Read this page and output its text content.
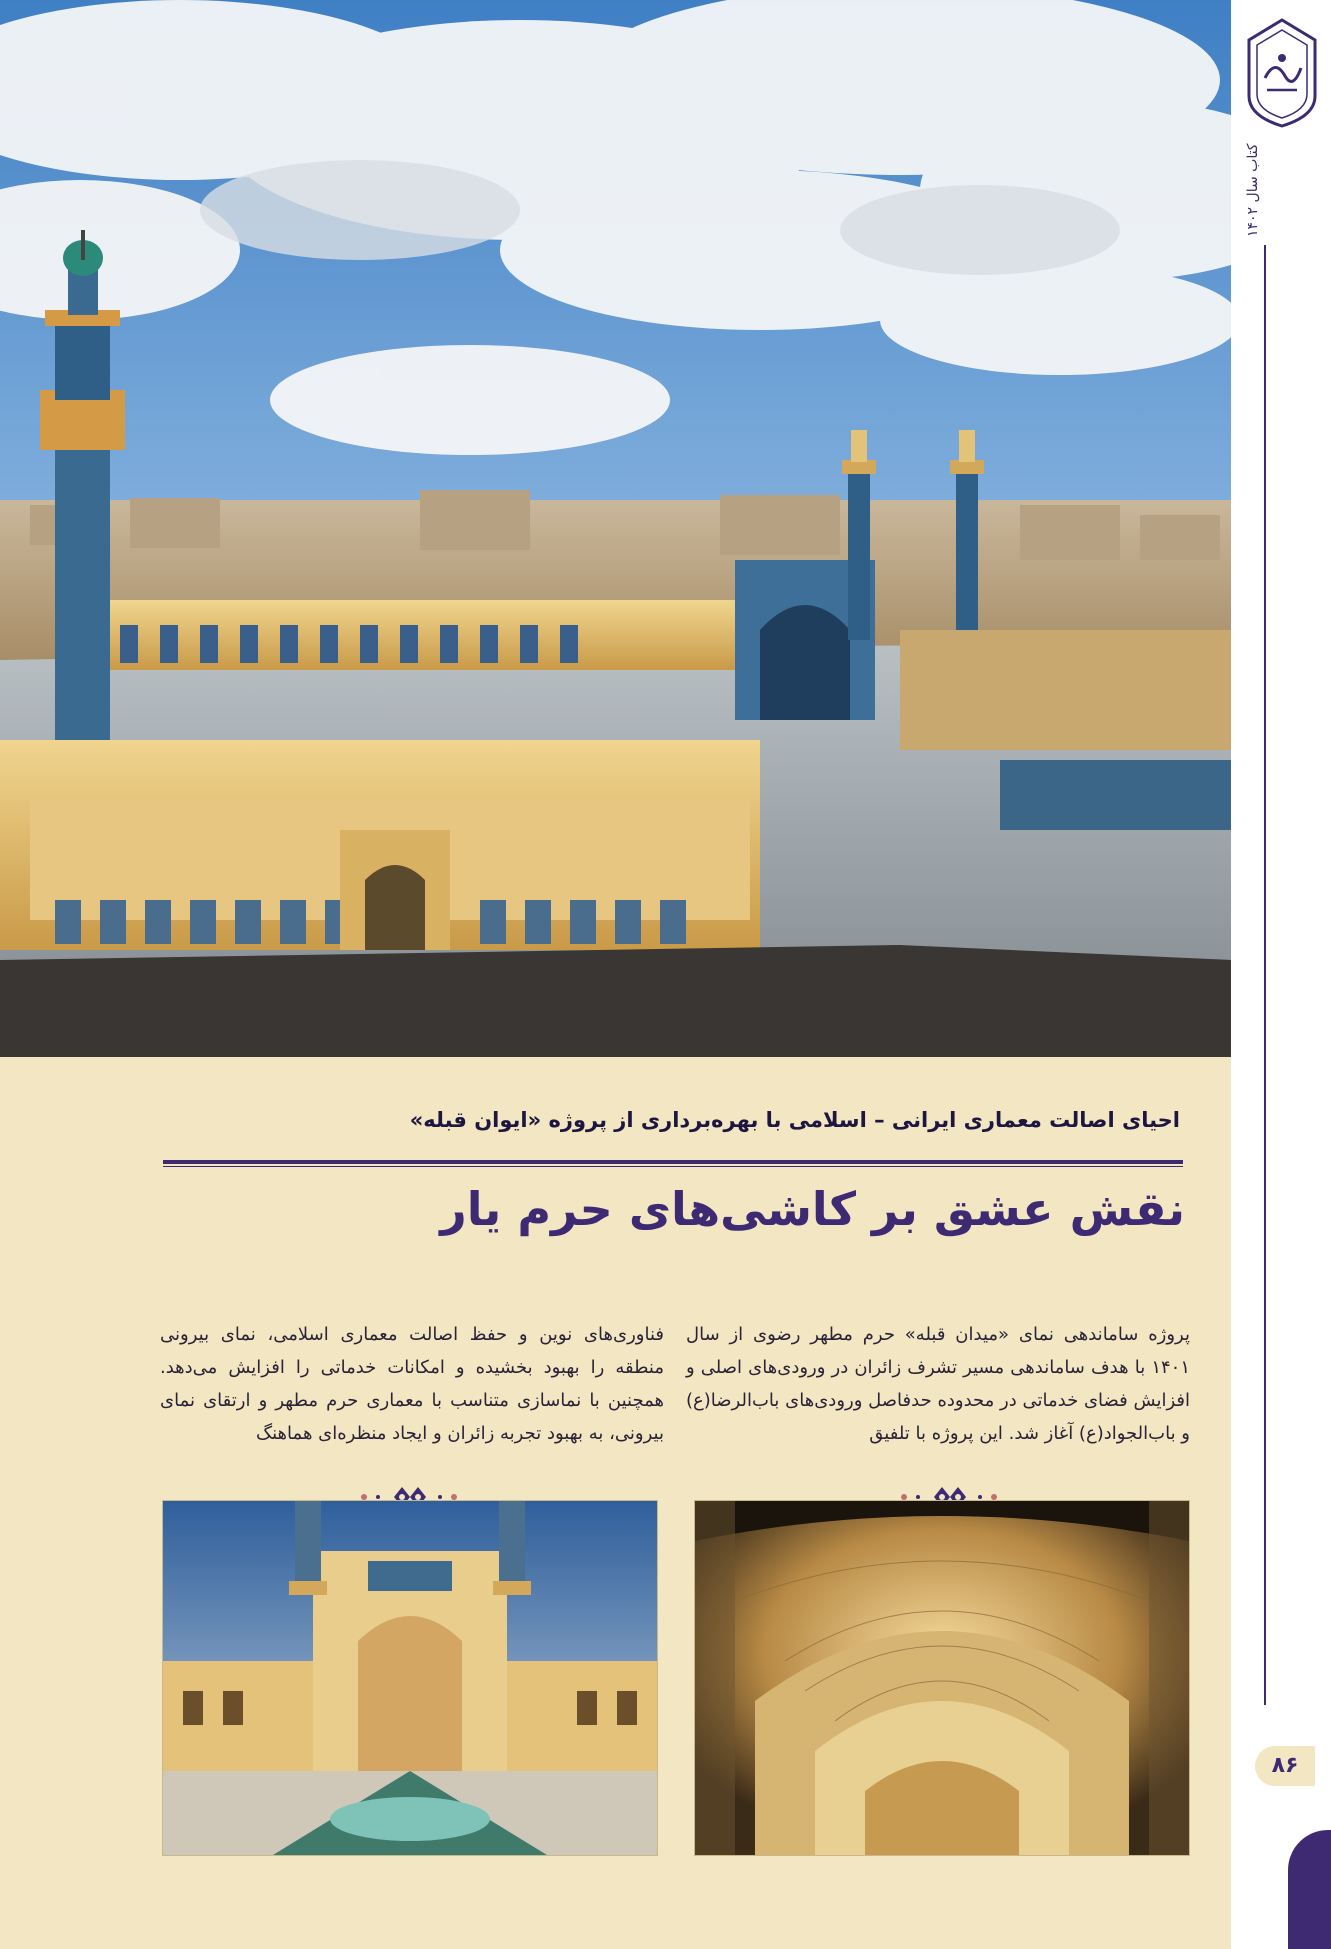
کتاب سال ۱۴۰۲
۸۶
احیای اصالت معماری ایرانی – اسلامی با بهره‌برداری از پروژه «ایوان قبله»
نقش عشق بر کاشی‌های حرم یار
پروژه ساماندهی نمای «میدان قبله» حرم مطهر رضوی از سال ۱۴۰۱ با هدف ساماندهی مسیر تشرف زائران در ورودی‌های اصلی و افزایش فضای خدماتی در محدوده حدفاصل ورودی‌های باب‌الرضا(ع) و باب‌الجواد(ع) آغاز شد. این پروژه با تلفیق
فناوری‌های نوین و حفظ اصالت معماری اسلامی، نمای بیرونی منطقه را بهبود بخشیده و امکانات خدماتی را افزایش می‌دهد. همچنین با نماسازی متناسب با معماری حرم مطهر و ارتقای نمای بیرونی، به بهبود تجربه زائران و ایجاد منظره‌ای هماهنگ
